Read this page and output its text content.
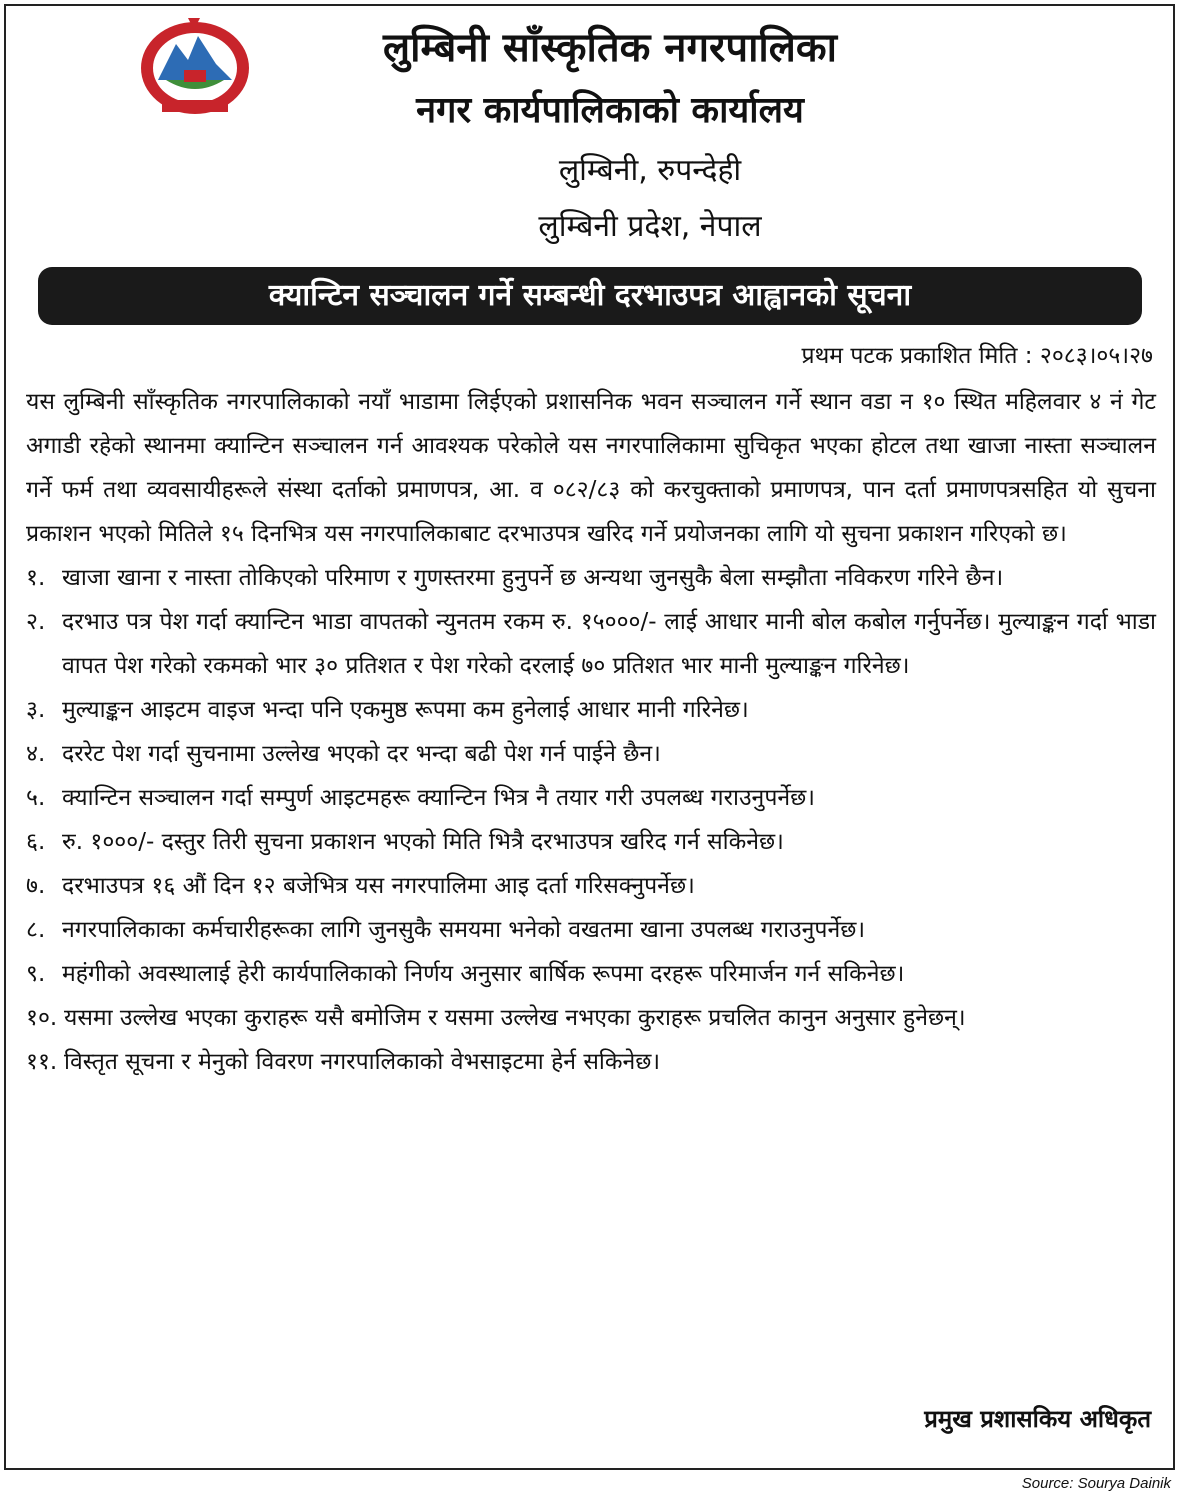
लुम्बिनी साँस्कृतिक नगरपालिका
नगर कार्यपालिकाको कार्यालय
लुम्बिनी, रुपन्देही
लुम्बिनी प्रदेश, नेपाल
क्यान्टिन सञ्चालन गर्ने सम्बन्धी दरभाउपत्र आह्वानको सूचना
प्रथम पटक प्रकाशित मिति : २०८३।०५।२७

यस लुम्बिनी साँस्कृतिक नगरपालिकाको नयाँ भाडामा लिईएको प्रशासनिक भवन सञ्चालन गर्ने स्थान वडा न १० स्थित महिलवार ४ नं गेट अगाडी रहेको स्थानमा क्यान्टिन सञ्चालन गर्न आवश्यक परेकोले यस नगरपालिकामा सुचिकृत भएका होटल तथा खाजा नास्ता सञ्चालन गर्ने फर्म तथा व्यवसायीहरूले संस्था दर्ताको प्रमाणपत्र, आ. व ०८२/८३ को करचुक्ताको प्रमाणपत्र, पान दर्ता प्रमाणपत्रसहित यो सुचना प्रकाशन भएको मितिले १५ दिनभित्र यस नगरपालिकाबाट दरभाउपत्र खरिद गर्ने प्रयोजनका लागि यो सुचना प्रकाशन गरिएको छ।

१. खाजा खाना र नास्ता तोकिएको परिमाण र गुणस्तरमा हुनुपर्ने छ अन्यथा जुनसुकै बेला सम्झौता नविकरण गरिने छैन।
२. दरभाउ पत्र पेश गर्दा क्यान्टिन भाडा वापतको न्युनतम रकम रु. १५०००/- लाई आधार मानी बोल कबोल गर्नुपर्नेछ। मुल्याङ्कन गर्दा भाडा वापत पेश गरेको रकमको भार ३० प्रतिशत र पेश गरेको दरलाई ७० प्रतिशत भार मानी मुल्याङ्कन गरिनेछ।
३. मुल्याङ्कन आइटम वाइज भन्दा पनि एकमुष्ठ रूपमा कम हुनेलाई आधार मानी गरिनेछ।
४. दररेट पेश गर्दा सुचनामा उल्लेख भएको दर भन्दा बढी पेश गर्न पाईने छैन।
५. क्यान्टिन सञ्चालन गर्दा सम्पुर्ण आइटमहरू क्यान्टिन भित्र नै तयार गरी उपलब्ध गराउनुपर्नेछ।
६. रु. १०००/- दस्तुर तिरी सुचना प्रकाशन भएको मिति भित्रै दरभाउपत्र खरिद गर्न सकिनेछ।
७. दरभाउपत्र १६ औं दिन १२ बजेभित्र यस नगरपालिमा आइ दर्ता गरिसक्नुपर्नेछ।
८. नगरपालिकाका कर्मचारीहरूका लागि जुनसुकै समयमा भनेको वखतमा खाना उपलब्ध गराउनुपर्नेछ।
९. महंगीको अवस्थालाई हेरी कार्यपालिकाको निर्णय अनुसार बार्षिक रूपमा दरहरू परिमार्जन गर्न सकिनेछ।
१०. यसमा उल्लेख भएका कुराहरू यसै बमोजिम र यसमा उल्लेख नभएका कुराहरू प्रचलित कानुन अनुसार हुनेछन्।
११. विस्तृत सूचना र मेनुको विवरण नगरपालिकाको वेभसाइटमा हेर्न सकिनेछ।
प्रमुख प्रशासकिय अधिकृत
Source: Sourya Dainik
